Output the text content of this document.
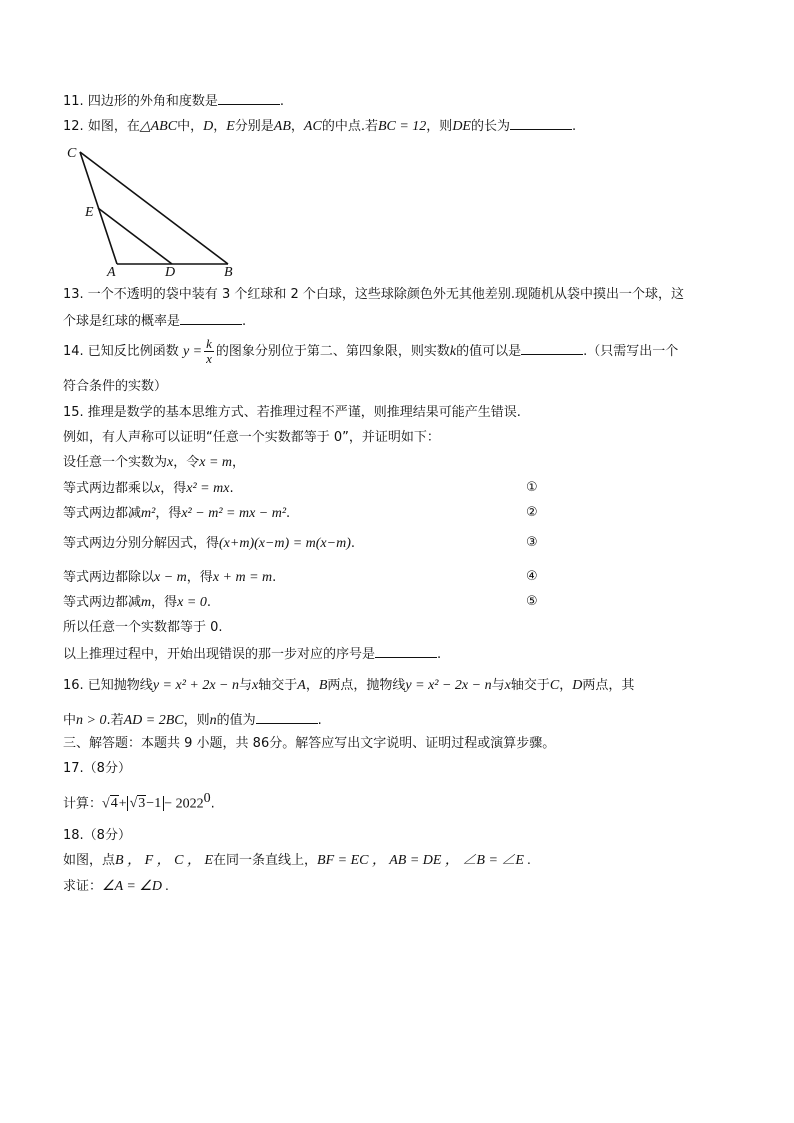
11. 四边形的外角和度数是	.
12. 如图，在△ABC中，D，E分别是AB，AC的中点.若BC = 12，则DE的长为	.
C
E
A	D	B
13. 一个不透明的袋中装有 3 个红球和 2 个白球，这些球除颜色外无其他差别.现随机从袋中摸出一个球，这
个球是红球的概率是	.
14. 已知反比例函数 $y = \frac{k}{x}$ 的图象分别位于第二、第四象限，则实数k的值可以是	.（只需写出一个
符合条件的实数）
15. 推理是数学的基本思维方式、若推理过程不严谨，则推理结果可能产生错误.
例如，有人声称可以证明“任意一个实数都等于 0”，并证明如下：
设任意一个实数为x，令x = m，
等式两边都乘以x，得x² = mx.	①
等式两边都减m²，得x² − m² = mx − m².	②
等式两边分别分解因式，得(x+m)(x−m) = m(x−m).	③
等式两边都除以x − m，得x + m = m.	④
等式两边都减m，得x = 0.	⑤
所以任意一个实数都等于 0.
以上推理过程中，开始出现错误的那一步对应的序号是	.
16. 已知抛物线y = x² + 2x − n与x轴交于A，B两点，抛物线y = x² − 2x − n与x轴交于C，D两点，其
中n > 0.若AD = 2BC，则n的值为	.
三、解答题：本题共 9 小题，共 86分。解答应写出文字说明、证明过程或演算步骤。
17.（8分）
计算：$√4+ √3-1 - 2022^0$.
18.（8分）
如图，点B ， F ， C ， E在同一条直线上，BF = EC ， AB = DE ， ∠B = ∠E .
求证：∠A = ∠D .
